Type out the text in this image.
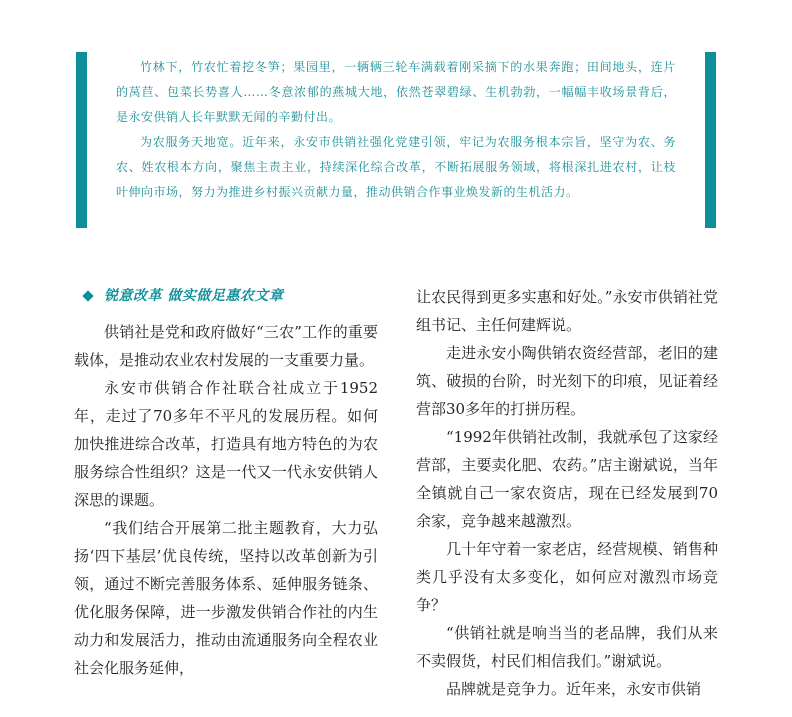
竹林下，竹农忙着挖冬笋；果园里，一辆辆三轮车满载着刚采摘下的水果奔跑；田间地头，连片的莴苣、包菜长势喜人……冬意浓郁的燕城大地，依然苍翠碧绿、生机勃勃，一幅幅丰收场景背后，是永安供销人长年默默无闻的辛勤付出。

为农服务天地宽。近年来，永安市供销社强化党建引领，牢记为农服务根本宗旨，坚守为农、务农、姓农根本方向，聚焦主责主业，持续深化综合改革，不断拓展服务领域，将根深扎进农村，让枝叶伸向市场，努力为推进乡村振兴贡献力量，推动供销合作事业焕发新的生机活力。

锐意改革 做实做足惠农文章

供销社是党和政府做好“三农”工作的重要载体，是推动农业农村发展的一支重要力量。

永安市供销合作社联合社成立于1952年，走过了70多年不平凡的发展历程。如何加快推进综合改革，打造具有地方特色的为农服务综合性组织？这是一代又一代永安供销人深思的课题。

“我们结合开展第二批主题教育，大力弘扬‘四下基层’优良传统，坚持以改革创新为引领，通过不断完善服务体系、延伸服务链条、优化服务保障，进一步激发供销合作社的内生动力和发展活力，推动由流通服务向全程农业社会化服务延伸，

让农民得到更多实惠和好处。”永安市供销社党组书记、主任何建辉说。

走进永安小陶供销农资经营部，老旧的建筑、破损的台阶，时光刻下的印痕，见证着经营部30多年的打拼历程。

“1992年供销社改制，我就承包了这家经营部，主要卖化肥、农药。”店主谢斌说，当年全镇就自己一家农资店，现在已经发展到70余家，竞争越来越激烈。

几十年守着一家老店，经营规模、销售种类几乎没有太多变化，如何应对激烈市场竞争？

“供销社就是响当当的老品牌，我们从来不卖假货，村民们相信我们。”谢斌说。

品牌就是竞争力。近年来，永安市供销
